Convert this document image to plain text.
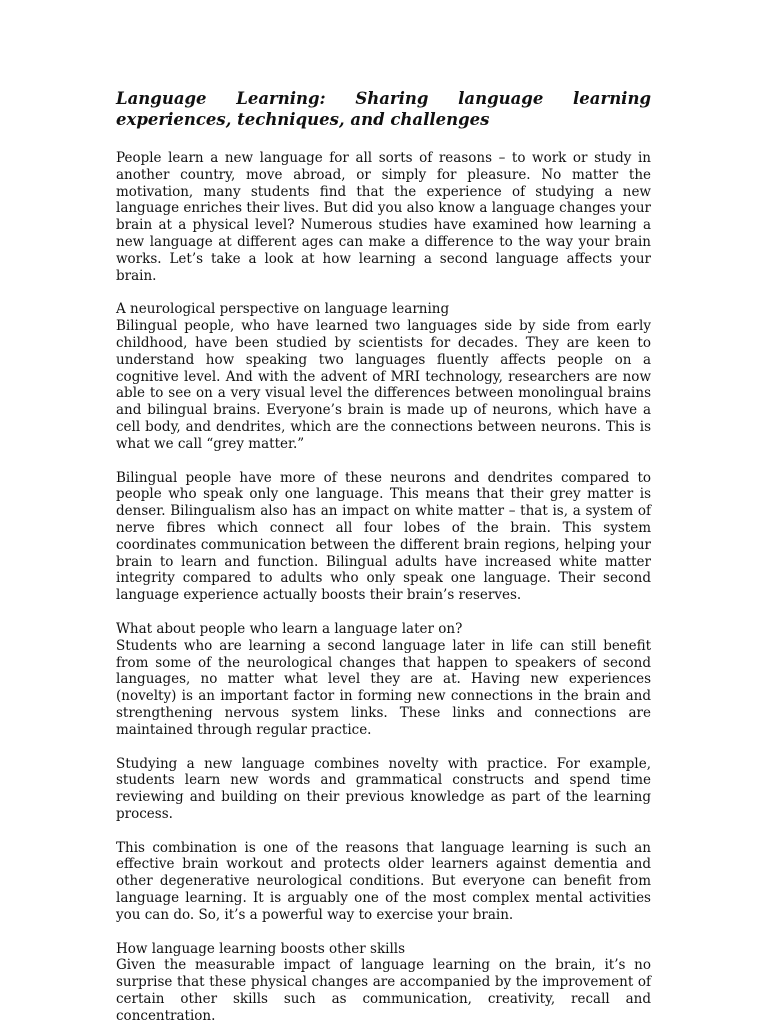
Language Learning: Sharing language learning experiences, techniques, and challenges

People learn a new language for all sorts of reasons – to work or study in another country, move abroad, or simply for pleasure. No matter the motivation, many students find that the experience of studying a new language enriches their lives. But did you also know a language changes your brain at a physical level? Numerous studies have examined how learning a new language at different ages can make a difference to the way your brain works. Let’s take a look at how learning a second language affects your brain.

A neurological perspective on language learning

Bilingual people, who have learned two languages side by side from early childhood, have been studied by scientists for decades. They are keen to understand how speaking two languages fluently affects people on a cognitive level. And with the advent of MRI technology, researchers are now able to see on a very visual level the differences between monolingual brains and bilingual brains. Everyone’s brain is made up of neurons, which have a cell body, and dendrites, which are the connections between neurons. This is what we call “grey matter.”

Bilingual people have more of these neurons and dendrites compared to people who speak only one language. This means that their grey matter is denser. Bilingualism also has an impact on white matter – that is, a system of nerve fibres which connect all four lobes of the brain. This system coordinates communication between the different brain regions, helping your brain to learn and function. Bilingual adults have increased white matter integrity compared to adults who only speak one language. Their second language experience actually boosts their brain’s reserves.

What about people who learn a language later on?

Students who are learning a second language later in life can still benefit from some of the neurological changes that happen to speakers of second languages, no matter what level they are at. Having new experiences (novelty) is an important factor in forming new connections in the brain and strengthening nervous system links. These links and connections are maintained through regular practice.

Studying a new language combines novelty with practice. For example, students learn new words and grammatical constructs and spend time reviewing and building on their previous knowledge as part of the learning process.

This combination is one of the reasons that language learning is such an effective brain workout and protects older learners against dementia and other degenerative neurological conditions. But everyone can benefit from language learning. It is arguably one of the most complex mental activities you can do. So, it’s a powerful way to exercise your brain.

How language learning boosts other skills

Given the measurable impact of language learning on the brain, it’s no surprise that these physical changes are accompanied by the improvement of certain other skills such as communication, creativity, recall and concentration.
